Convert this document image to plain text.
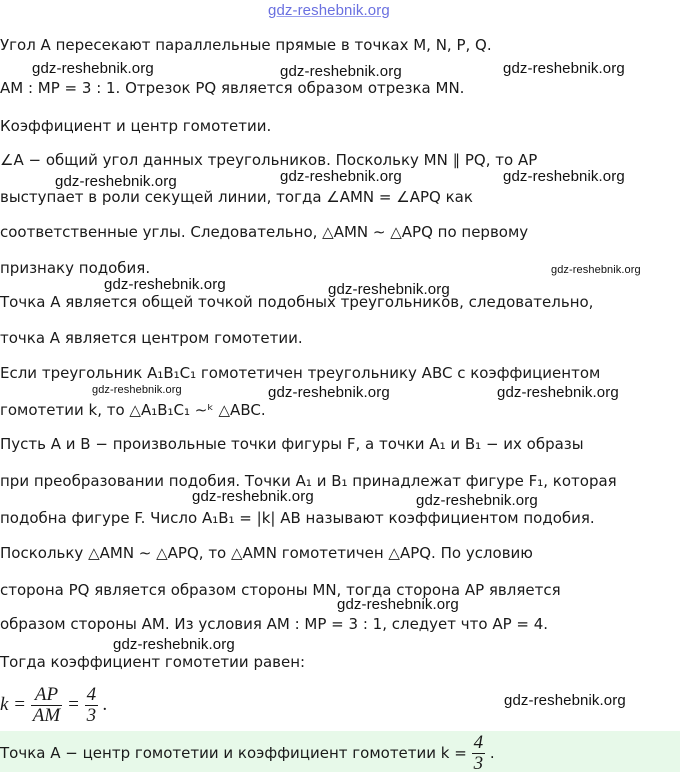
gdz-reshebnik.org
Угол A пересекают параллельные прямые в точках M, N, P, Q.
AM : MP = 3 : 1. Отрезок PQ является образом отрезка MN.
Коэффициент и центр гомотетии.
∠A − общий угол данных треугольников. Поскольку MN ∥ PQ, то AP
выступает в роли секущей линии, тогда ∠AMN = ∠APQ как
соответственные углы. Следовательно, △AMN ∼ △APQ по первому
признаку подобия.
Точка A является общей точкой подобных треугольников, следовательно,
точка A является центром гомотетии.
Если треугольник A₁B₁C₁ гомотетичен треугольнику ABC с коэффициентом
гомотетии k, то △A₁B₁C₁ ∼ᵏ △ABC.
Пусть A и B − произвольные точки фигуры F, а точки A₁ и B₁ − их образы
при преобразовании подобия. Точки A₁ и B₁ принадлежат фигуре F₁, которая
подобна фигуре F. Число A₁B₁ = |k| AB называют коэффициентом подобия.
Поскольку △AMN ∼ △APQ, то △AMN гомотетичен △APQ. По условию
сторона PQ является образом стороны MN, тогда сторона AP является
образом стороны AM. Из условия AM : MP = 3 : 1, следует что AP = 4.
Тогда коэффициент гомотетии равен:
$k = \frac{AP}{AM} = \frac{4}{3}$ .
Точка A − центр гомотетии и коэффициент гомотетии $k = \frac{4}{3}$ .
gdz-reshebnik.org	gdz-reshebnik.org	gdz-reshebnik.org
gdz-reshebnik.org	gdz-reshebnik.org	gdz-reshebnik.org
gdz-reshebnik.org
gdz-reshebnik.org	gdz-reshebnik.org
gdz-reshebnik.org	gdz-reshebnik.org	gdz-reshebnik.org
gdz-reshebnik.org	gdz-reshebnik.org
gdz-reshebnik.org
gdz-reshebnik.org
gdz-reshebnik.org
